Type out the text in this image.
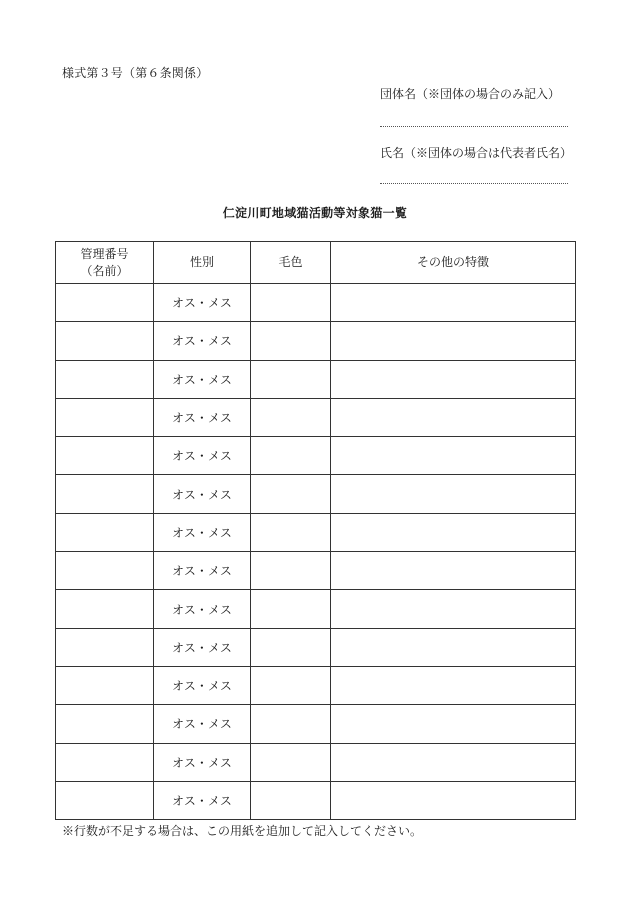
様式第３号（第６条関係）
団体名（※団体の場合のみ記入）
氏名（※団体の場合は代表者氏名）
仁淀川町地域猫活動等対象猫一覧
管理番号
（名前）	性別	毛色	その他の特徴
	オス・メス		
	オス・メス		
	オス・メス		
	オス・メス		
	オス・メス		
	オス・メス		
	オス・メス		
	オス・メス		
	オス・メス		
	オス・メス		
	オス・メス		
	オス・メス		
	オス・メス		
	オス・メス		
※行数が不足する場合は、この用紙を追加して記入してください。
